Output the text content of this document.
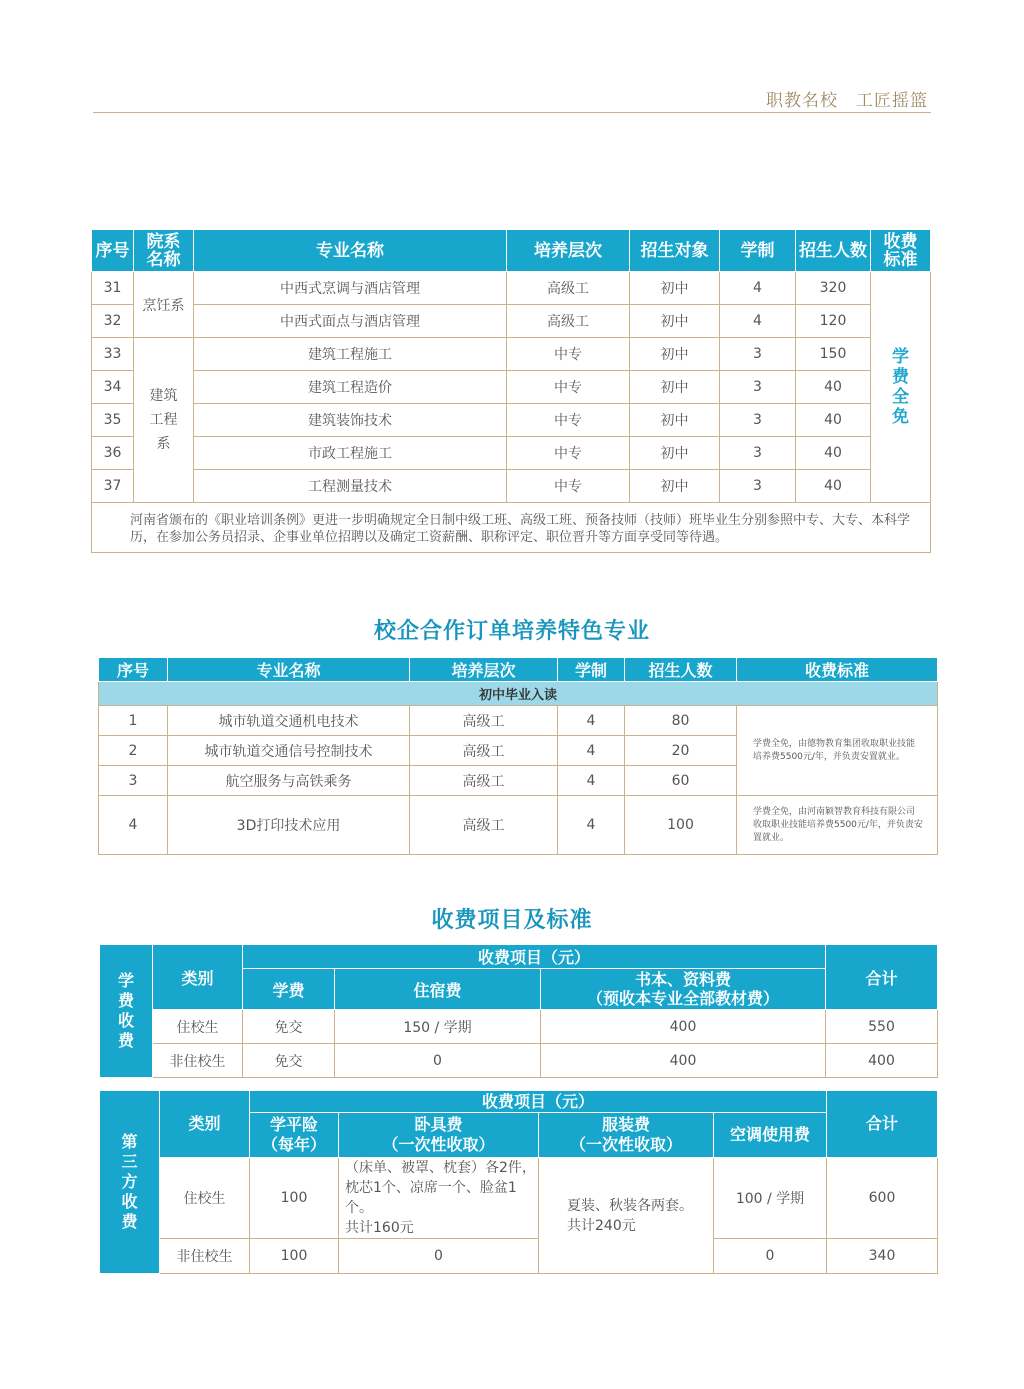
职教名校 工匠摇篮
序号	院系名称	专业名称	培养层次	招生对象	学制	招生人数	收费标准
31	烹饪系	中西式烹调与酒店管理	高级工	初中	4	320	学费全免
32		中西式面点与酒店管理	高级工	初中	4	120	
33	建筑工程系	建筑工程施工	中专	初中	3	150	
34		建筑工程造价	中专	初中	3	40	
35		建筑装饰技术	中专	初中	3	40	
36		市政工程施工	中专	初中	3	40	
37		工程测量技术	中专	初中	3	40	
河南省颁布的《职业培训条例》更进一步明确规定全日制中级工班、高级工班、预备技师（技师）班毕业生分别参照中专、大专、本科学历，在参加公务员招录、企事业单位招聘以及确定工资薪酬、职称评定、职位晋升等方面享受同等待遇。							
校企合作订单培养特色专业
序号	专业名称	培养层次	学制	招生人数	收费标准
初中毕业入读					
1	城市轨道交通机电技术	高级工	4	80	学费全免，由德物教育集团收取职业技能培养费5500元/年，并负责安置就业。
2	城市轨道交通信号控制技术	高级工	4	20	
3	航空服务与高铁乘务	高级工	4	60	
4	3D打印技术应用	高级工	4	100	学费全免，由河南颖智教育科技有限公司收取职业技能培养费5500元/年，并负责安置就业。
收费项目及标准
学费收费	类别	收费项目（元）			合计
		学费	住宿费	书本、资料费
（预收本专业全部教材费）	
	住校生	免交	150 / 学期	400	550
	非住校生	免交	0	400	400
第三方收费	类别	收费项目（元）				合计
		学平险
（每年）	卧具费
（一次性收取）	服装费
（一次性收取）	空调使用费	
	住校生	100	（床单、被罩、枕套）各2件，
枕芯1个、凉席一个、脸盆1个。
共计160元	夏装、秋装各两套。
共计240元	100 / 学期	600
	非住校生	100	0		0	340
